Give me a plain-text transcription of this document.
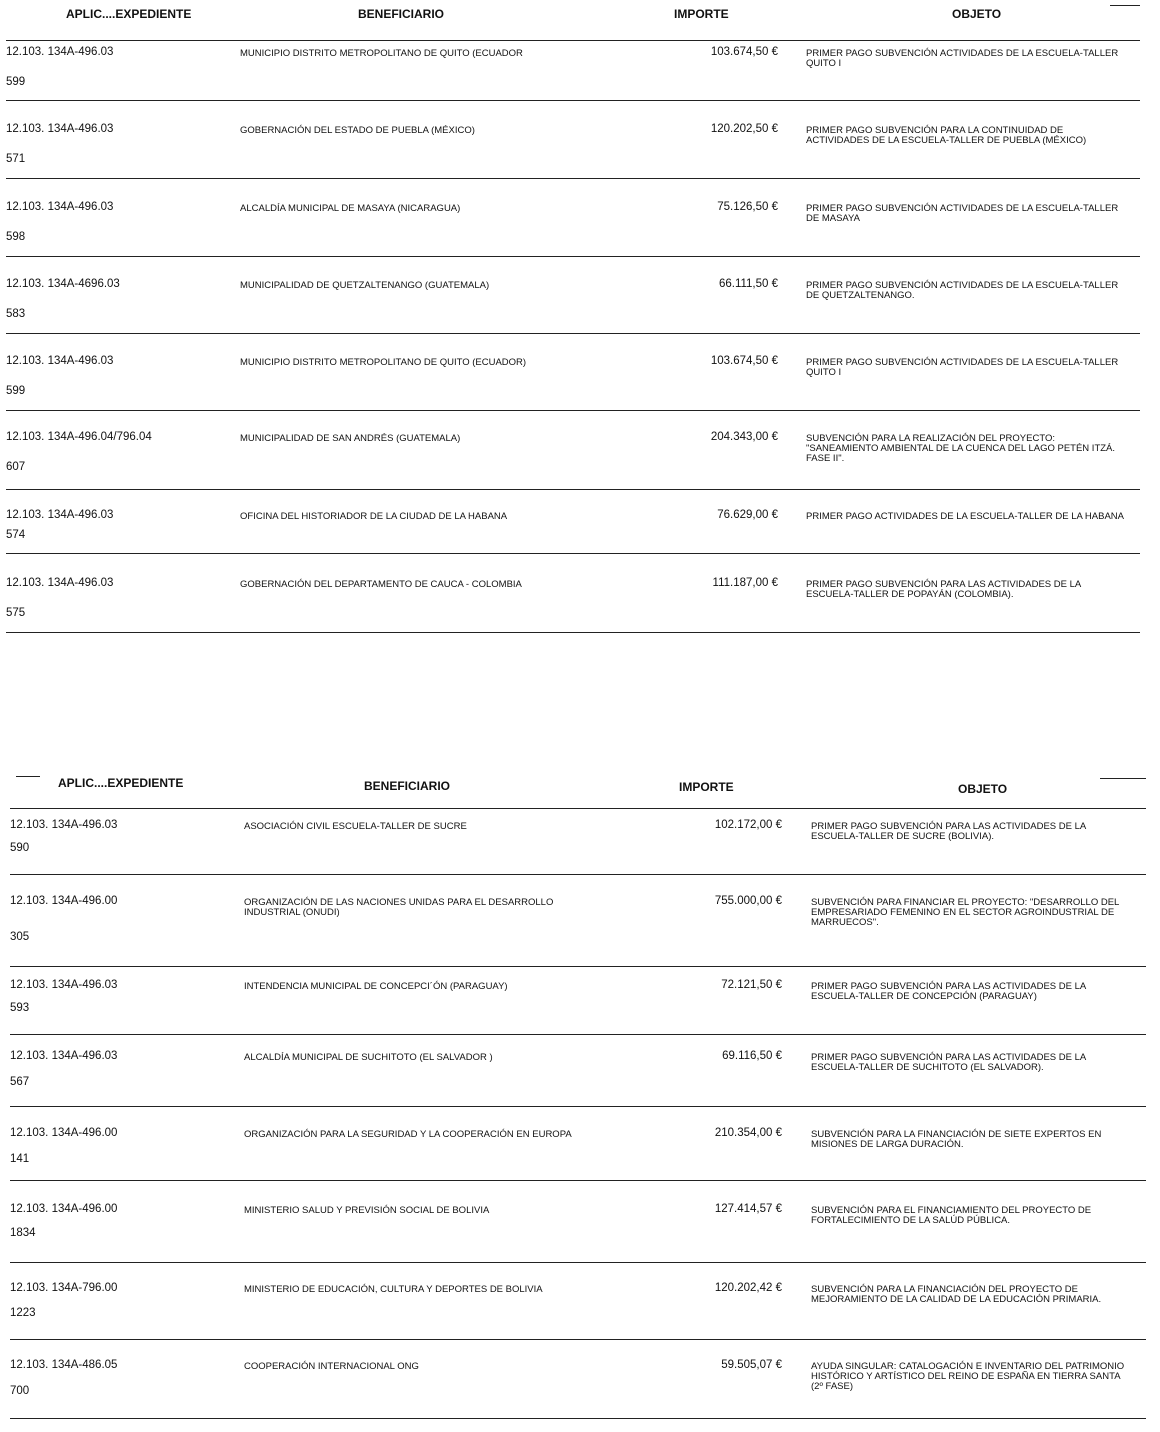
APLIC....EXPEDIENTE	BENEFICIARIO	IMPORTE	OBJETO
12.103. 134A-496.03
599
MUNICIPIO DISTRITO METROPOLITANO DE QUITO (ECUADOR	103.674,50 €	PRIMER PAGO SUBVENCIÓN ACTIVIDADES DE LA ESCUELA-TALLER
QUITO I
12.103. 134A-496.03
571
GOBERNACIÓN DEL ESTADO DE PUEBLA (MÉXICO)	120.202,50 €	PRIMER PAGO SUBVENCIÓN PARA LA CONTINUIDAD DE
ACTIVIDADES DE LA ESCUELA-TALLER DE PUEBLA (MÉXICO)
12.103. 134A-496.03
598
ALCALDÍA MUNICIPAL DE MASAYA (NICARAGUA)	75.126,50 €	PRIMER PAGO SUBVENCIÓN ACTIVIDADES DE LA ESCUELA-TALLER
DE MASAYA
12.103. 134A-4696.03
583
MUNICIPALIDAD DE QUETZALTENANGO (GUATEMALA)	66.111,50 €	PRIMER PAGO SUBVENCIÓN ACTIVIDADES DE LA ESCUELA-TALLER
DE QUETZALTENANGO.
12.103. 134A-496.03
599
MUNICIPIO DISTRITO METROPOLITANO DE QUITO (ECUADOR)	103.674,50 €	PRIMER PAGO SUBVENCIÓN ACTIVIDADES DE LA ESCUELA-TALLER
QUITO I
12.103. 134A-496.04/796.04
607
MUNICIPALIDAD DE SAN ANDRÉS (GUATEMALA)	204.343,00 €	SUBVENCIÓN PARA LA REALIZACIÓN DEL PROYECTO:
"SANEAMIENTO AMBIENTAL DE LA CUENCA DEL LAGO PETÉN ITZÁ.
FASE II".
12.103. 134A-496.03
574
OFICINA DEL HISTORIADOR DE LA CIUDAD DE LA HABANA	76.629,00 €	PRIMER PAGO ACTIVIDADES DE LA ESCUELA-TALLER DE LA HABANA
12.103. 134A-496.03
575
GOBERNACIÓN DEL DEPARTAMENTO DE CAUCA - COLOMBIA	111.187,00 €	PRIMER PAGO SUBVENCIÓN PARA LAS ACTIVIDADES DE LA
ESCUELA-TALLER DE POPAYÁN (COLOMBIA).
APLIC....EXPEDIENTE	BENEFICIARIO	IMPORTE	OBJETO
12.103. 134A-496.03
590
ASOCIACIÓN CIVIL ESCUELA-TALLER DE SUCRE	102.172,00 €	PRIMER PAGO SUBVENCIÓN PARA LAS ACTIVIDADES DE LA
ESCUELA-TALLER DE SUCRE (BOLIVIA).
12.103. 134A-496.00
305
ORGANIZACIÓN DE LAS NACIONES UNIDAS PARA EL DESARROLLO
INDUSTRIAL (ONUDI)
755.000,00 €	SUBVENCIÓN PARA FINANCIAR EL PROYECTO: "DESARROLLO DEL
EMPRESARIADO FEMENINO EN EL SECTOR AGROINDUSTRIAL DE
MARRUECOS".
12.103. 134A-496.03
593
INTENDENCIA MUNICIPAL DE CONCEPCI´ÓN (PARAGUAY)	72.121,50 €	PRIMER PAGO SUBVENCIÓN PARA LAS ACTIVIDADES DE LA
ESCUELA-TALLER DE CONCEPCIÓN (PARAGUAY)
12.103. 134A-496.03
567
ALCALDÍA MUNICIPAL DE SUCHITOTO (EL SALVADOR )	69.116,50 €	PRIMER PAGO SUBVENCIÓN PARA LAS ACTIVIDADES DE LA
ESCUELA-TALLER DE SUCHITOTO (EL SALVADOR).
12.103. 134A-496.00
141
ORGANIZACIÓN PARA LA SEGURIDAD Y LA COOPERACIÓN EN EUROPA	210.354,00 €	SUBVENCIÓN PARA LA FINANCIACIÓN DE SIETE EXPERTOS EN
MISIONES DE LARGA DURACIÓN.
12.103. 134A-496.00
1834
MINISTERIO SALUD Y PREVISIÓN SOCIAL DE BOLIVIA	127.414,57 €	SUBVENCIÓN PARA EL FINANCIAMIENTO DEL PROYECTO DE
FORTALECIMIENTO DE LA SALÚD PÚBLICA.
12.103. 134A-796.00
1223
MINISTERIO DE EDUCACIÓN, CULTURA Y DEPORTES DE BOLIVIA	120.202,42 €	SUBVENCIÓN PARA LA FINANCIACIÓN DEL PROYECTO DE
MEJORAMIENTO DE LA CALIDAD DE LA EDUCACIÓN PRIMARIA.
12.103. 134A-486.05
700
COOPERACIÓN INTERNACIONAL ONG	59.505,07 €	AYUDA SINGULAR: CATALOGACIÓN E INVENTARIO DEL PATRIMONIO
HISTÓRICO Y ARTÍSTICO DEL REINO DE ESPAÑA EN TIERRA SANTA
(2º FASE)
